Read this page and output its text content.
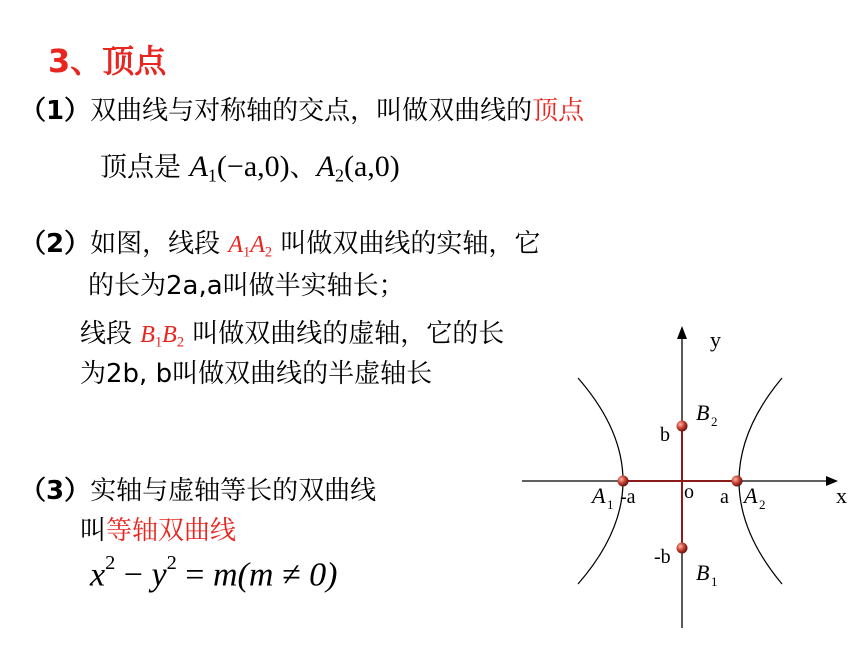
3、顶点
（1）双曲线与对称轴的交点，叫做双曲线的顶点
顶点是 $A_1(-a,0)$、$A_2(a,0)$
（2）如图，线段 $A_1A_2$ 叫做双曲线的实轴，它
的长为2a,a叫做半实轴长；
线段 $B_1B_2$ 叫做双曲线的虚轴，它的长
为2b, b叫做双曲线的半虚轴长
（3）实轴与虚轴等长的双曲线
叫等轴双曲线
$x^2 - y^2 = m(m \ne 0)$
y
x
o
b
-b
-a	a
B 2
B 1
A 1	A 2
